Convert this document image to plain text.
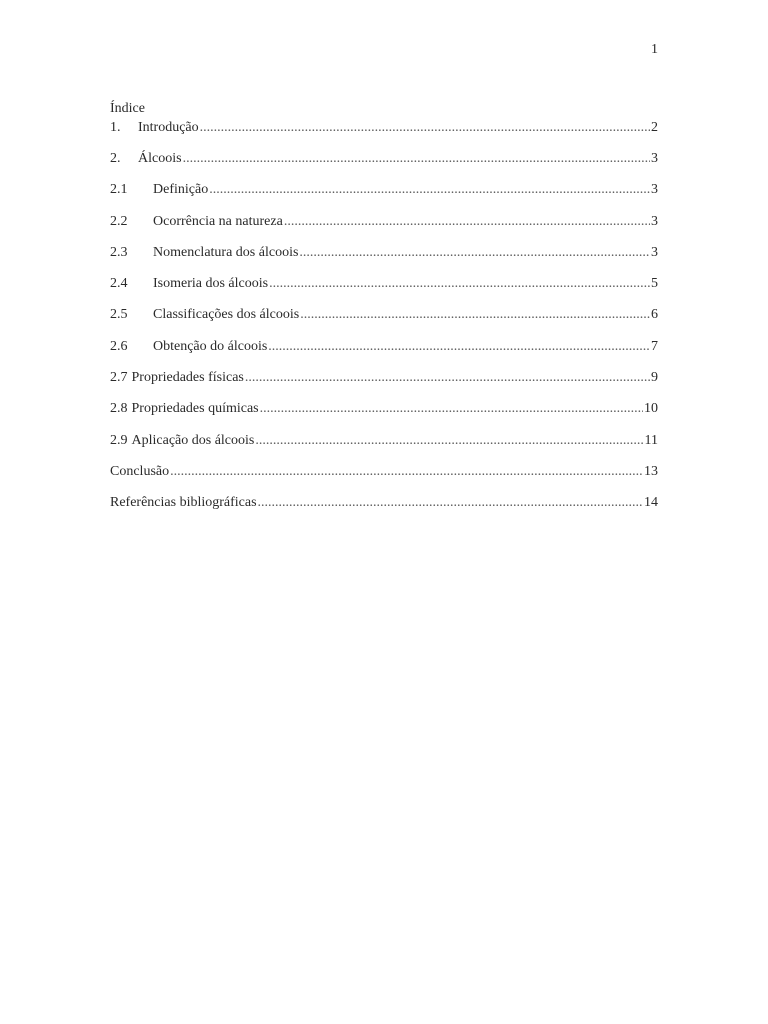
1
Índice
1.	Introdução .....	2
2.	Álcoois .....	3
2.1	Definição .....	3
2.2	Ocorrência na natureza .....	3
2.3	Nomenclatura dos álcoois .....	3
2.4	Isomeria dos álcoois .....	5
2.5	Classificações dos álcoois .....	6
2.6	Obtenção do álcoois .....	7
2.7 Propriedades físicas .....	9
2.8 Propriedades químicas .....	10
2.9 Aplicação dos álcoois .....	11
Conclusão .....	13
Referências bibliográficas .....	14
